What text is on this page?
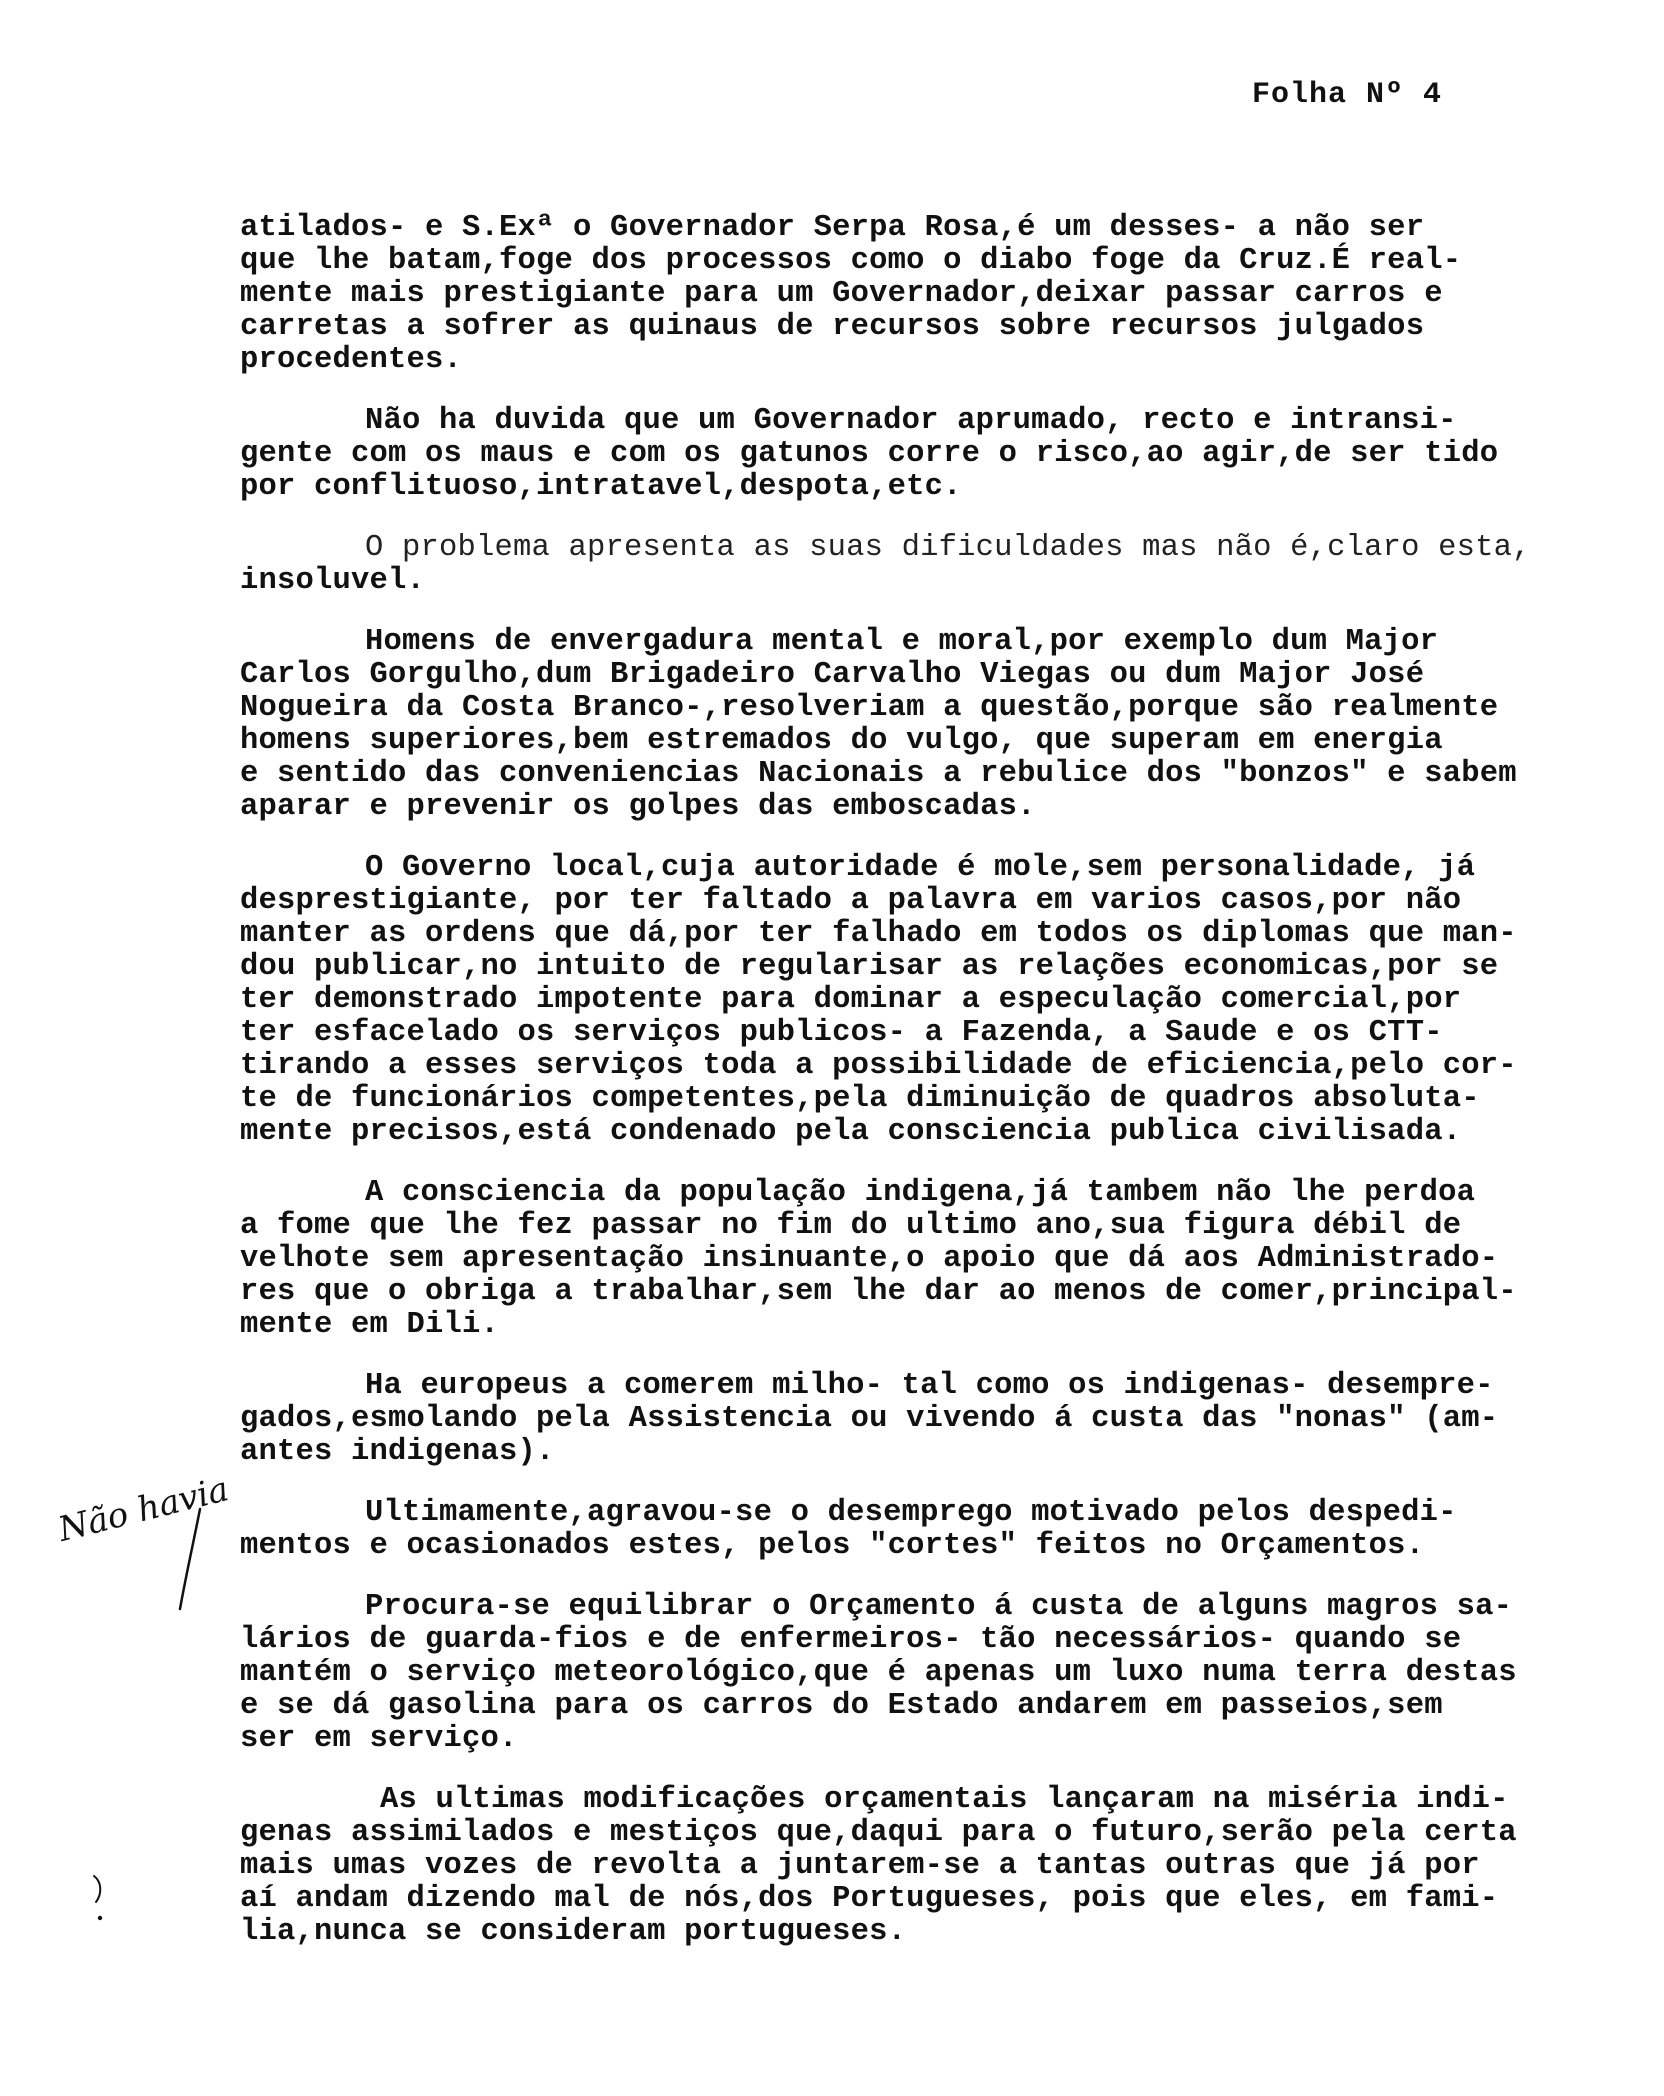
Folha Nº 4
atilados- e S.Exª o Governador Serpa Rosa,é um desses- a não ser
que lhe batam,foge dos processos como o diabo foge da Cruz.É real-
mente mais prestigiante para um Governador,deixar passar carros e
carretas a sofrer as quinaus de recursos sobre recursos julgados
procedentes.
Não ha duvida que um Governador aprumado, recto e intransi-
gente com os maus e com os gatunos corre o risco,ao agir,de ser tido
por conflituoso,intratavel,despota,etc.
O problema apresenta as suas dificuldades mas não é,claro esta,
insoluvel.
Homens de envergadura mental e moral,por exemplo dum Major
Carlos Gorgulho,dum Brigadeiro Carvalho Viegas ou dum Major José
Nogueira da Costa Branco-,resolveriam a questão,porque são realmente
homens superiores,bem estremados do vulgo, que superam em energia
e sentido das conveniencias Nacionais a rebulice dos "bonzos" e sabem
aparar e prevenir os golpes das emboscadas.
O Governo local,cuja autoridade é mole,sem personalidade, já
desprestigiante, por ter faltado a palavra em varios casos,por não
manter as ordens que dá,por ter falhado em todos os diplomas que man-
dou publicar,no intuito de regularisar as relações economicas,por se
ter demonstrado impotente para dominar a especulação comercial,por
ter esfacelado os serviços publicos- a Fazenda, a Saude e os CTT-
tirando a esses serviços toda a possibilidade de eficiencia,pelo cor-
te de funcionários competentes,pela diminuição de quadros absoluta-
mente precisos,está condenado pela consciencia publica civilisada.
A consciencia da população indigena,já tambem não lhe perdoa
a fome que lhe fez passar no fim do ultimo ano,sua figura débil de
velhote sem apresentação insinuante,o apoio que dá aos Administrado-
res que o obriga a trabalhar,sem lhe dar ao menos de comer,principal-
mente em Dili.
Ha europeus a comerem milho- tal como os indigenas- desempre-
gados,esmolando pela Assistencia ou vivendo á custa das "nonas" (am-
antes indigenas).
Ultimamente,agravou-se o desemprego motivado pelos despedi-
mentos e ocasionados estes, pelos "cortes" feitos no Orçamentos.
Procura-se equilibrar o Orçamento á custa de alguns magros sa-
lários de guarda-fios e de enfermeiros- tão necessários- quando se
mantém o serviço meteorológico,que é apenas um luxo numa terra destas
e se dá gasolina para os carros do Estado andarem em passeios,sem
ser em serviço.
As ultimas modificações orçamentais lançaram na miséria indi-
genas assimilados e mestiços que,daqui para o futuro,serão pela certa
mais umas vozes de revolta a juntarem-se a tantas outras que já por
aí andam dizendo mal de nós,dos Portugueses, pois que eles, em fami-
lia,nunca se consideram portugueses.
Não havia
